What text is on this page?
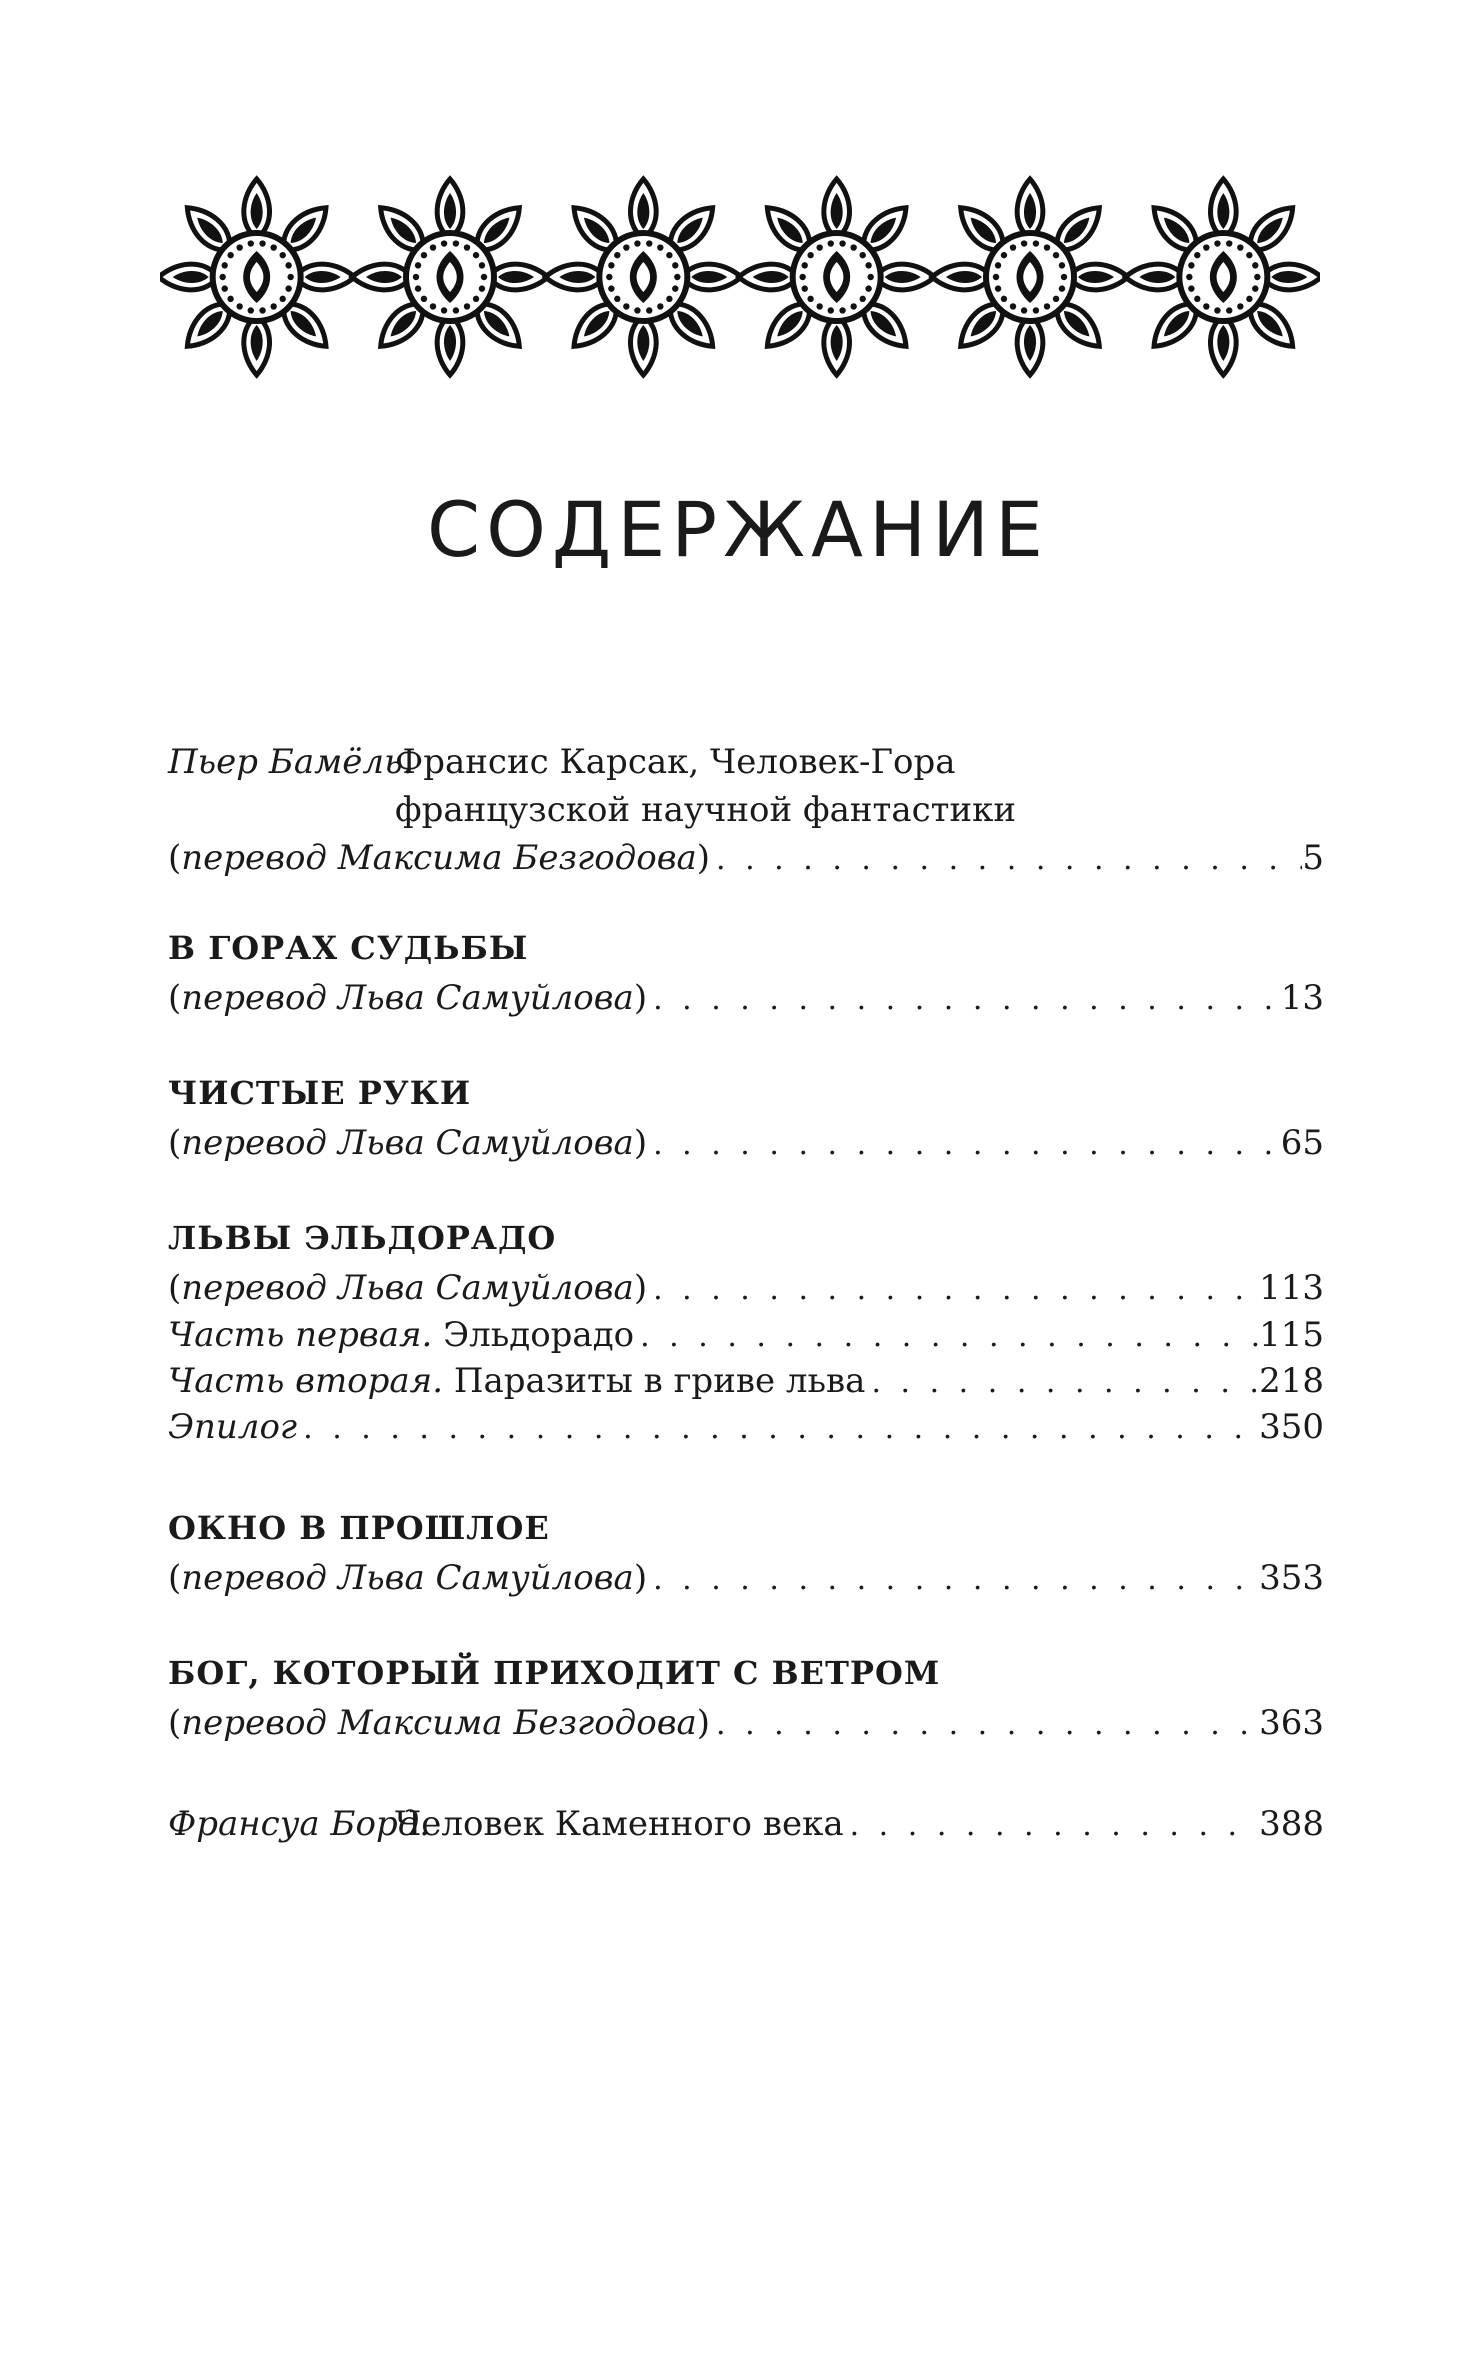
СОДЕРЖАНИЕ
Пьер Бамёль.
Франсис Карсак, Человек-Гора
французской научной фантастики
(перевод Максима Безгодова) . . .	5
В ГОРАХ СУДЬБЫ
(перевод Льва Самуйлова) . . .	13
ЧИСТЫЕ РУКИ
(перевод Льва Самуйлова) . . .	65
ЛЬВЫ ЭЛЬДОРАДО
(перевод Льва Самуйлова) . . .	113
Часть первая. Эльдорадо . . .	115
Часть вторая. Паразиты в гриве льва . . .	218
Эпилог . . .	350
ОКНО В ПРОШЛОЕ
(перевод Льва Самуйлова) . . .	353
БОГ, КОТОРЫЙ ПРИХОДИТ С ВЕТРОМ
(перевод Максима Безгодова) . . .	363
Франсуа Борд.
Человек Каменного века . . .	388
